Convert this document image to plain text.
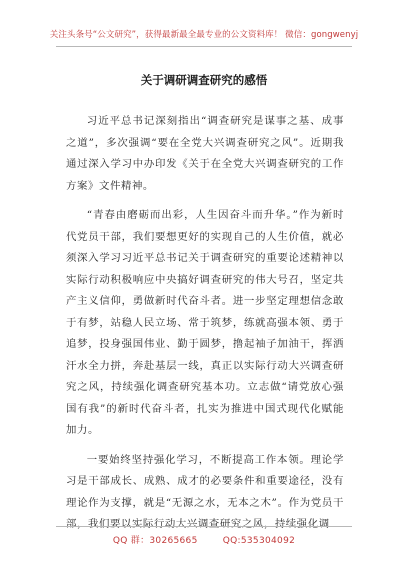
关注头条号“公文研究”，获得最新最全最专业的公文资料库！ 微信：gongwenyj
关于调研调查研究的感悟

习近平总书记深刻指出“调查研究是谋事之基、成事之道”，多次强调“要在全党大兴调查研究之风”。近期我通过深入学习中办印发《关于在全党大兴调查研究的工作方案》文件精神。

“青春由磨砺而出彩，人生因奋斗而升华。”作为新时代党员干部，我们要想更好的实现自己的人生价值，就必须深入学习习近平总书记关于调查研究的重要论述精神以实际行动积极响应中央搞好调查研究的伟大号召，坚定共产主义信仰，勇做新时代奋斗者。进一步坚定理想信念敢于有梦，站稳人民立场、常于筑梦，练就高强本领、勇于追梦，投身强国伟业、勤于圆梦，撸起袖子加油干，挥洒汗水全力拼，奔赴基层一线，真正以实际行动大兴调查研究之风，持续强化调查研究基本功。立志做“请党放心强国有我”的新时代奋斗者，扎实为推进中国式现代化赋能加力。

一要始终坚持强化学习，不断提高工作本领。理论学习是干部成长、成熟、成才的必要条件和重要途径，没有理论作为支撑，就是“无源之水，无本之木”。作为党员干部，我们要以实际行动大兴调查研究之风，持续强化调

QQ 群：30265665	QQ:535304092
